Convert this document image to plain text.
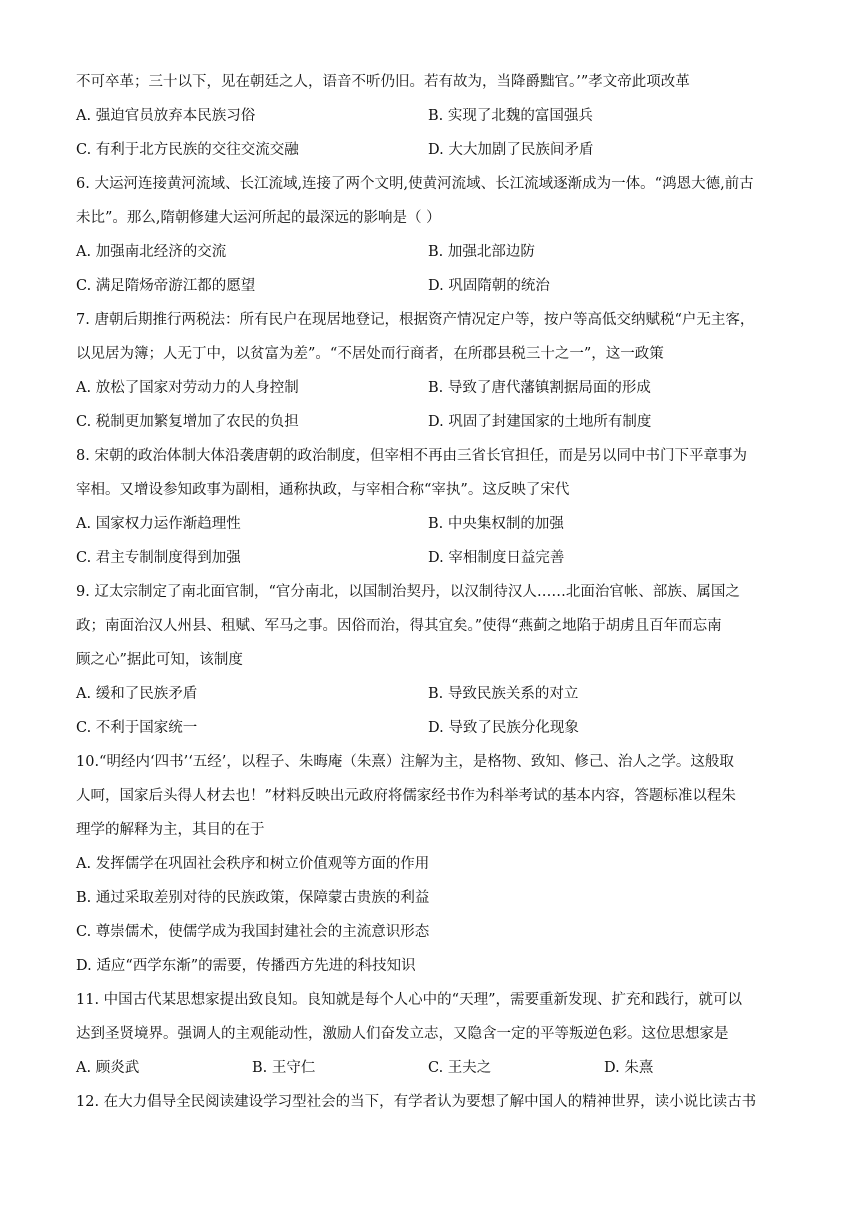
不可卒革；三十以下，见在朝廷之人，语音不听仍旧。若有故为，当降爵黜官。’”孝文帝此项改革
A. 强迫官员放弃本民族习俗	B. 实现了北魏的富国强兵
C. 有利于北方民族的交往交流交融	D. 大大加剧了民族间矛盾
6. 大运河连接黄河流域、长江流域,连接了两个文明,使黄河流域、长江流域逐渐成为一体。“鸿恩大德,前古
未比”。那么,隋朝修建大运河所起的最深远的影响是（ ）
A. 加强南北经济的交流	B. 加强北部边防
C. 满足隋炀帝游江都的愿望	D. 巩固隋朝的统治
7. 唐朝后期推行两税法：所有民户在现居地登记，根据资产情况定户等，按户等高低交纳赋税“户无主客，
以见居为簿；人无丁中，以贫富为差”。“不居处而行商者，在所郡县税三十之一”，这一政策
A. 放松了国家对劳动力的人身控制	B. 导致了唐代藩镇割据局面的形成
C. 税制更加繁复增加了农民的负担	D. 巩固了封建国家的土地所有制度
8. 宋朝的政治体制大体沿袭唐朝的政治制度，但宰相不再由三省长官担任，而是另以同中书门下平章事为
宰相。又增设参知政事为副相，通称执政，与宰相合称“宰执”。这反映了宋代
A. 国家权力运作渐趋理性	B. 中央集权制的加强
C. 君主专制制度得到加强	D. 宰相制度日益完善
9. 辽太宗制定了南北面官制，“官分南北，以国制治契丹，以汉制待汉人……北面治官帐、部族、属国之
政；南面治汉人州县、租赋、军马之事。因俗而治，得其宜矣。”使得“燕蓟之地陷于胡虏且百年而忘南
顾之心”据此可知，该制度
A. 缓和了民族矛盾	B. 导致民族关系的对立
C. 不利于国家统一	D. 导致了民族分化现象
10.“明经内‘四书’‘五经’，以程子、朱晦庵（朱熹）注解为主，是格物、致知、修己、治人之学。这般取
人呵，国家后头得人材去也！”材料反映出元政府将儒家经书作为科举考试的基本内容，答题标准以程朱
理学的解释为主，其目的在于
A. 发挥儒学在巩固社会秩序和树立价值观等方面的作用
B. 通过采取差别对待的民族政策，保障蒙古贵族的利益
C. 尊崇儒术，使儒学成为我国封建社会的主流意识形态
D. 适应“西学东渐”的需要，传播西方先进的科技知识
11. 中国古代某思想家提出致良知。良知就是每个人心中的“天理”，需要重新发现、扩充和践行，就可以
达到圣贤境界。强调人的主观能动性，激励人们奋发立志，又隐含一定的平等叛逆色彩。这位思想家是
A. 顾炎武	B. 王守仁	C. 王夫之	D. 朱熹
12. 在大力倡导全民阅读建设学习型社会的当下，有学者认为要想了解中国人的精神世界，读小说比读古书
